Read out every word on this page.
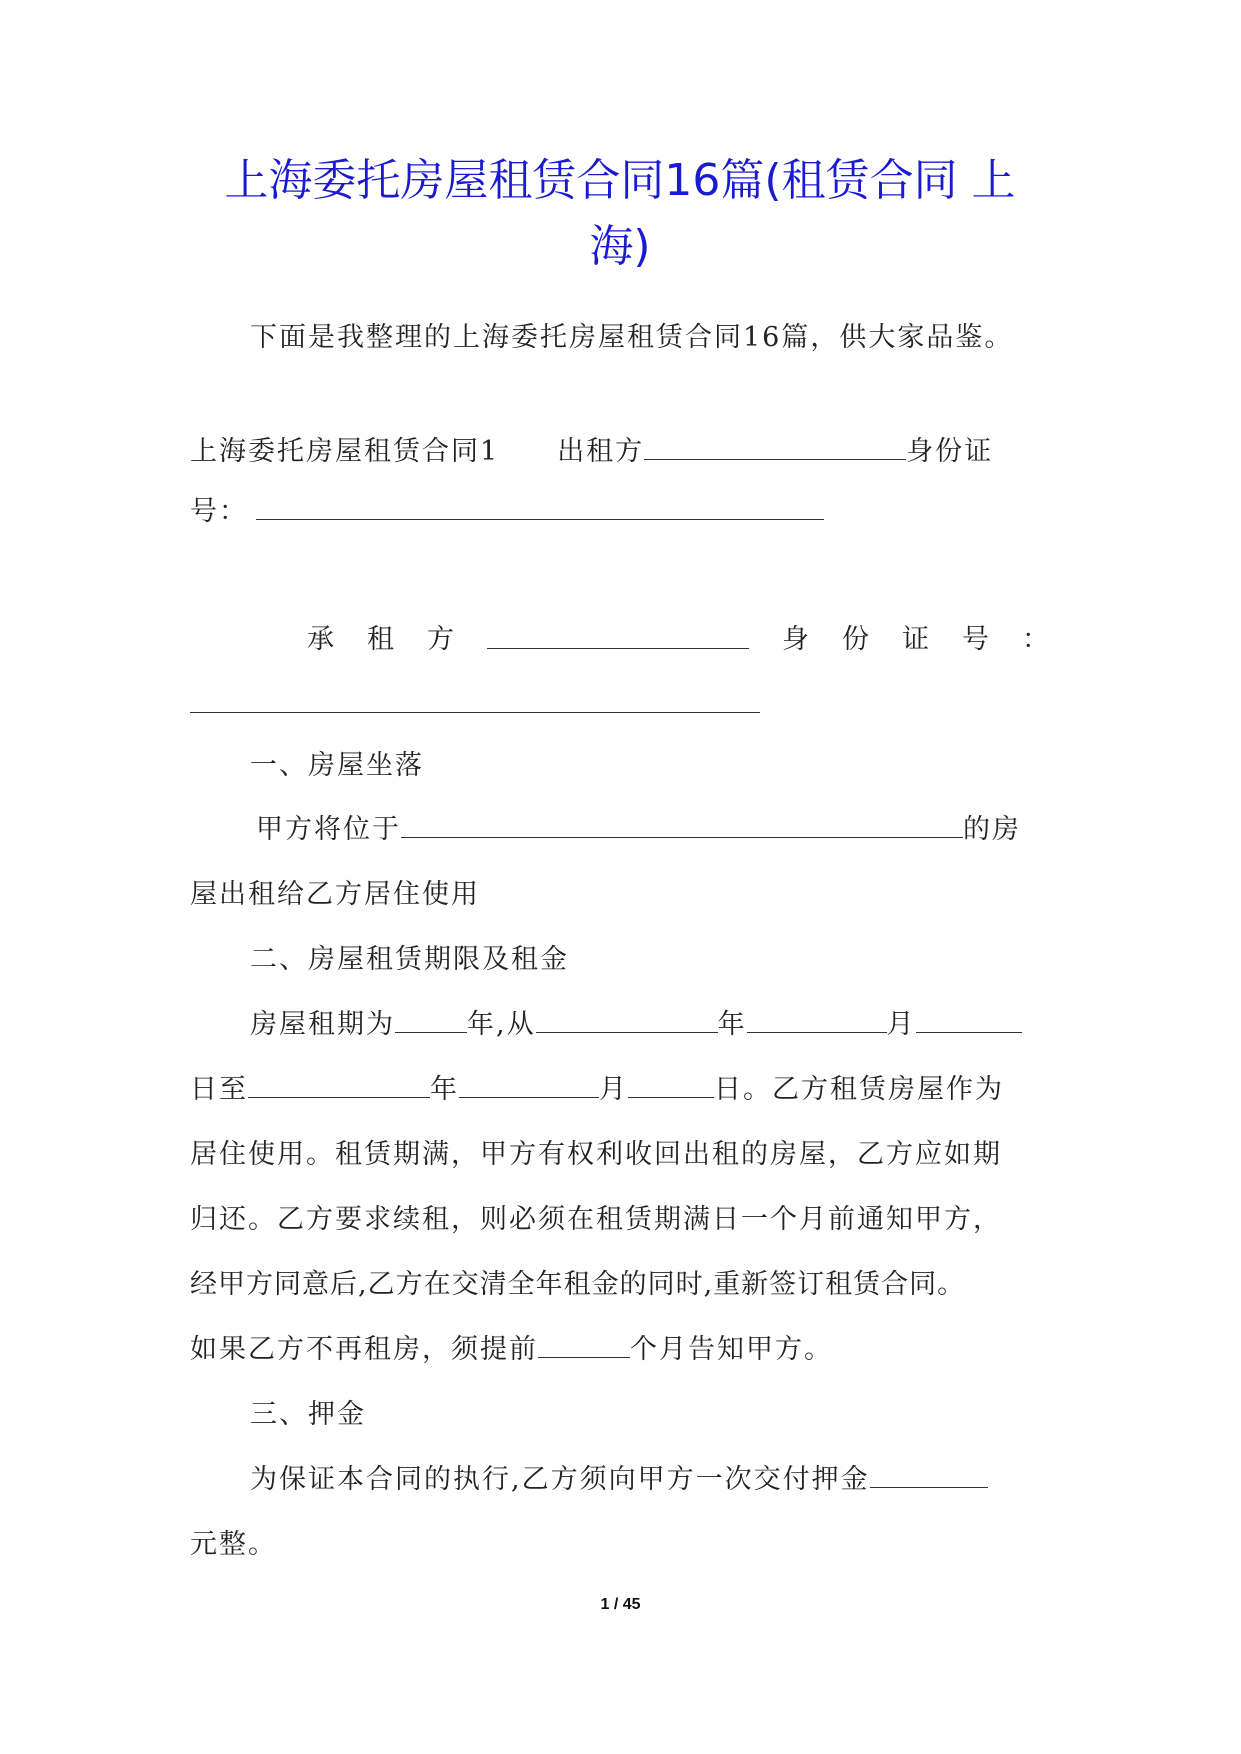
上海委托房屋租赁合同16篇(租赁合同 上
海)
下面是我整理的上海委托房屋租赁合同16篇，供大家品鉴。
上海委托房屋租赁合同1 出租方	身份证
号：
承 租 方	身 份 证 号 ：
一、房屋坐落
甲方将位于	的房
屋出租给乙方居住使用
二、房屋租赁期限及租金
房屋租期为	年,从	年	月
日至	年	月	日。乙方租赁房屋作为
居住使用。租赁期满，甲方有权利收回出租的房屋，乙方应如期
归还。乙方要求续租，则必须在租赁期满日一个月前通知甲方，
经甲方同意后,乙方在交清全年租金的同时,重新签订租赁合同。
如果乙方不再租房，须提前	个月告知甲方。
三、押金
为保证本合同的执行,乙方须向甲方一次交付押金
元整。
1 / 45
